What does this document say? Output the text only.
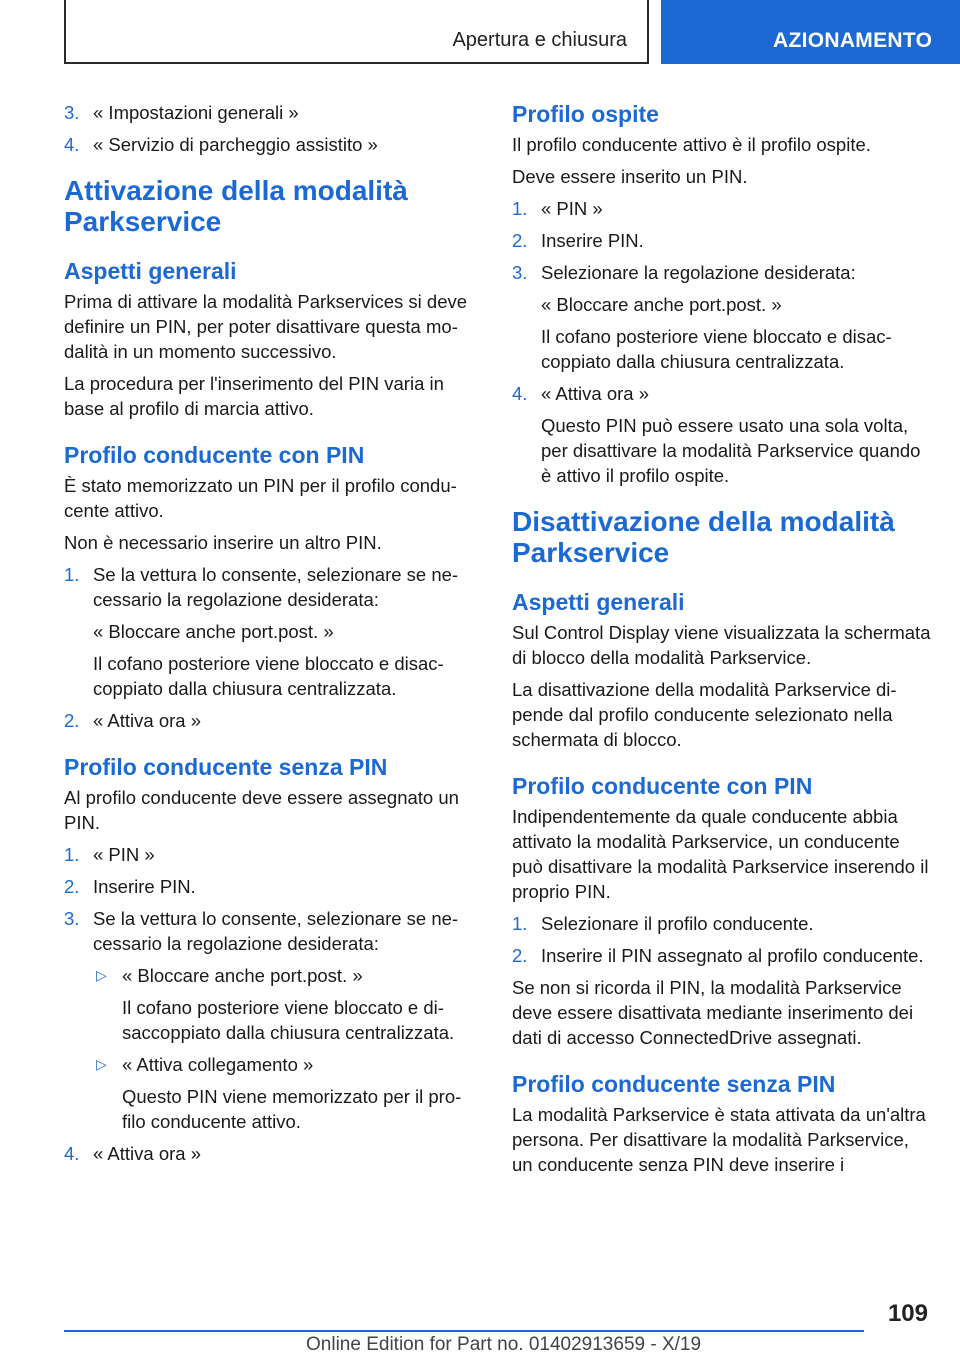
Apertura e chiusura	AZIONAMENTO
3. « Impostazioni generali »
4. « Servizio di parcheggio assistito »
Attivazione della modalità Parkservice
Aspetti generali

Prima di attivare la modalità Parkservices si deve definire un PIN, per poter disattivare questa modalità in un momento successivo.

La procedura per l'inserimento del PIN varia in base al profilo di marcia attivo.

Profilo conducente con PIN

È stato memorizzato un PIN per il profilo conducente attivo.

Non è necessario inserire un altro PIN.

1. Se la vettura lo consente, selezionare se necessario la regolazione desiderata:
« Bloccare anche port.post. »
Il cofano posteriore viene bloccato e disaccoppiato dalla chiusura centralizzata.
2. « Attiva ora »
Profilo conducente senza PIN

Al profilo conducente deve essere assegnato un PIN.

1. « PIN »
2. Inserire PIN.
3. Se la vettura lo consente, selezionare se necessario la regolazione desiderata:
▷ « Bloccare anche port.post. »
Il cofano posteriore viene bloccato e disaccoppiato dalla chiusura centralizzata.
▷ « Attiva collegamento »
Questo PIN viene memorizzato per il profilo conducente attivo.
4. « Attiva ora »
Profilo ospite

Il profilo conducente attivo è il profilo ospite.

Deve essere inserito un PIN.

1. « PIN »
2. Inserire PIN.
3. Selezionare la regolazione desiderata:
« Bloccare anche port.post. »
Il cofano posteriore viene bloccato e disaccoppiato dalla chiusura centralizzata.
4. « Attiva ora »
Questo PIN può essere usato una sola volta, per disattivare la modalità Parkservice quando è attivo il profilo ospite.
Disattivazione della modalità Parkservice
Aspetti generali

Sul Control Display viene visualizzata la schermata di blocco della modalità Parkservice.

La disattivazione della modalità Parkservice dipende dal profilo conducente selezionato nella schermata di blocco.

Profilo conducente con PIN

Indipendentemente da quale conducente abbia attivato la modalità Parkservice, un conducente può disattivare la modalità Parkservice inserendo il proprio PIN.

1. Selezionare il profilo conducente.
2. Inserire il PIN assegnato al profilo conducente.

Se non si ricorda il PIN, la modalità Parkservice deve essere disattivata mediante inserimento dei dati di accesso ConnectedDrive assegnati.

Profilo conducente senza PIN

La modalità Parkservice è stata attivata da un'altra persona. Per disattivare la modalità Parkservice, un conducente senza PIN deve inserire i

109
Online Edition for Part no. 01402913659 - X/19
